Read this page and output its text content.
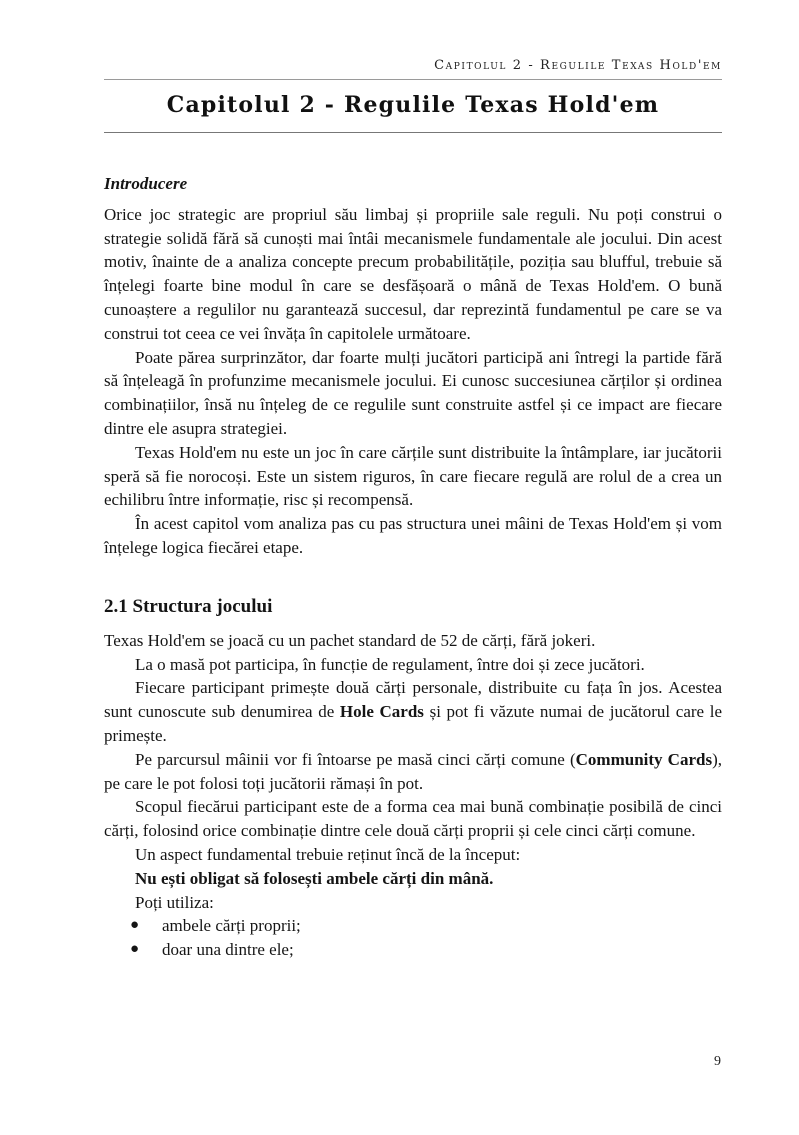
Capitolul 2 - Regulile Texas Hold'em
Capitolul 2 - Regulile Texas Hold'em
Introducere

Orice joc strategic are propriul său limbaj și propriile sale reguli. Nu poți construi o strategie solidă fără să cunoști mai întâi mecanismele fundamentale ale jocului. Din acest motiv, înainte de a analiza concepte precum probabilitățile, poziția sau blufful, trebuie să înțelegi foarte bine modul în care se desfășoară o mână de Texas Hold'em. O bună cunoaștere a regulilor nu garantează succesul, dar reprezintă fundamentul pe care se va construi tot ceea ce vei învăța în capitolele următoare.

Poate părea surprinzător, dar foarte mulți jucători participă ani întregi la partide fără să înțeleagă în profunzime mecanismele jocului. Ei cunosc succesiunea cărților și ordinea combinațiilor, însă nu înțeleg de ce regulile sunt construite astfel și ce impact are fiecare dintre ele asupra strategiei.

Texas Hold'em nu este un joc în care cărțile sunt distribuite la întâmplare, iar jucătorii speră să fie norocoși. Este un sistem riguros, în care fiecare regulă are rolul de a crea un echilibru între informație, risc și recompensă.

În acest capitol vom analiza pas cu pas structura unei mâini de Texas Hold'em și vom înțelege logica fiecărei etape.

2.1 Structura jocului

Texas Hold'em se joacă cu un pachet standard de 52 de cărți, fără jokeri.

La o masă pot participa, în funcție de regulament, între doi și zece jucători.

Fiecare participant primește două cărți personale, distribuite cu fața în jos. Acestea sunt cunoscute sub denumirea de Hole Cards și pot fi văzute numai de jucătorul care le primește.

Pe parcursul mâinii vor fi întoarse pe masă cinci cărți comune (Community Cards), pe care le pot folosi toți jucătorii rămași în pot.

Scopul fiecărui participant este de a forma cea mai bună combinație posibilă de cinci cărți, folosind orice combinație dintre cele două cărți proprii și cele cinci cărți comune.

Un aspect fundamental trebuie reținut încă de la început:

Nu ești obligat să folosești ambele cărți din mână.

Poți utiliza:

● ambele cărți proprii;
● doar una dintre ele;
9
